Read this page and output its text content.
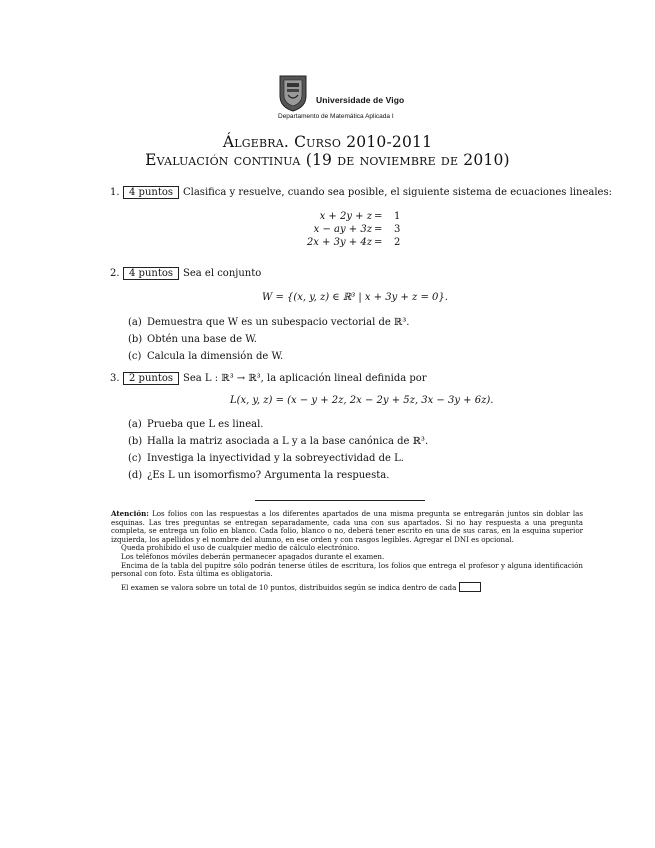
Universidade de Vigo
Departamento de Matemática Aplicada I
Álgebra. Curso 2010-2011
Evaluación continua (19 de noviembre de 2010)
1. 4 puntos Clasifica y resuelve, cuando sea posible, el siguiente sistema de ecuaciones lineales:
x + 2y + z = 1
x − ay + 3z = 3
2x + 3y + 4z = 2
2. 4 puntos Sea el conjunto
W = {(x, y, z) ∈ ℝ³ | x + 3y + z = 0}.
(a) Demuestra que W es un subespacio vectorial de ℝ³.
(b) Obtén una base de W.
(c) Calcula la dimensión de W.
3. 2 puntos Sea L : ℝ³ → ℝ³, la aplicación lineal definida por
L(x, y, z) = (x − y + 2z, 2x − 2y + 5z, 3x − 3y + 6z).
(a) Prueba que L es lineal.
(b) Halla la matriz asociada a L y a la base canónica de ℝ³.
(c) Investiga la inyectividad y la sobreyectividad de L.
(d) ¿Es L un isomorfismo? Argumenta la respuesta.

Atención: Los folios con las respuestas a los diferentes apartados de una misma pregunta se entregarán juntos sin doblar las esquinas. Las tres preguntas se entregan separadamente, cada una con sus apartados. Si no hay respuesta a una pregunta completa, se entrega un folio en blanco. Cada folio, blanco o no, deberá tener escrito en una de sus caras, en la esquina superior izquierda, los apellidos y el nombre del alumno, en ese orden y con rasgos legibles. Agregar el DNI es opcional.

Queda prohibido el uso de cualquier medio de cálculo electrónico.

Los teléfonos móviles deberán permanecer apagados durante el examen.

Encima de la tabla del pupitre sólo podrán tenerse útiles de escritura, los folios que entrega el profesor y alguna identificación personal con foto. Esta última es obligatoria.

El examen se valora sobre un total de 10 puntos, distribuidos según se indica dentro de cada
